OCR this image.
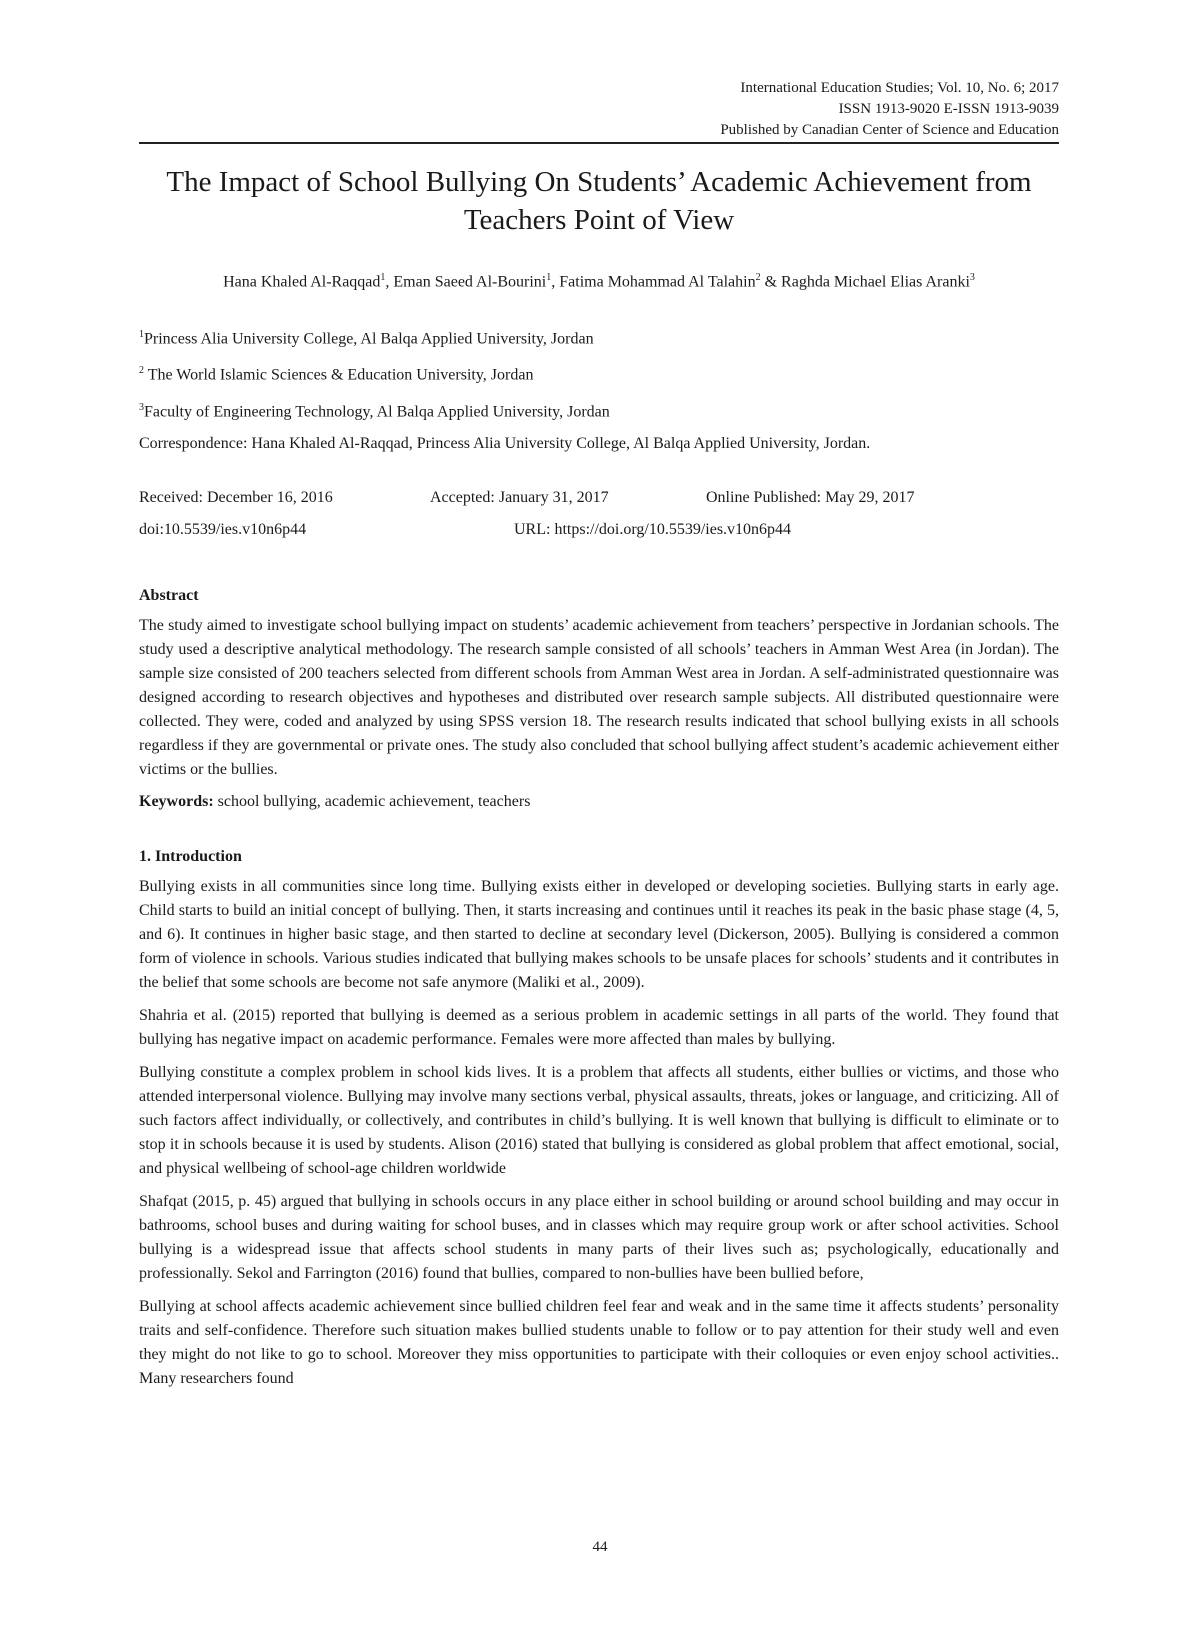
International Education Studies; Vol. 10, No. 6; 2017
ISSN 1913-9020 E-ISSN 1913-9039
Published by Canadian Center of Science and Education
The Impact of School Bullying On Students’ Academic Achievement from Teachers Point of View
Hana Khaled Al-Raqqad$^1$, Eman Saeed Al-Bourini$^1$, Fatima Mohammad Al Talahin$^2$ & Raghda Michael Elias Aranki$^3$

$^1$Princess Alia University College, Al Balqa Applied University, Jordan

$^2$ The World Islamic Sciences & Education University, Jordan

$^3$Faculty of Engineering Technology, Al Balqa Applied University, Jordan

Correspondence: Hana Khaled Al-Raqqad, Princess Alia University College, Al Balqa Applied University, Jordan.

Received: December 16, 2016	Accepted: January 31, 2017	Online Published: May 29, 2017
doi:10.5539/ies.v10n6p44	URL: https://doi.org/10.5539/ies.v10n6p44
Abstract

The study aimed to investigate school bullying impact on students’ academic achievement from teachers’ perspective in Jordanian schools. The study used a descriptive analytical methodology. The research sample consisted of all schools’ teachers in Amman West Area (in Jordan). The sample size consisted of 200 teachers selected from different schools from Amman West area in Jordan. A self-administrated questionnaire was designed according to research objectives and hypotheses and distributed over research sample subjects. All distributed questionnaire were collected. They were, coded and analyzed by using SPSS version 18. The research results indicated that school bullying exists in all schools regardless if they are governmental or private ones. The study also concluded that school bullying affect student’s academic achievement either victims or the bullies.

Keywords: school bullying, academic achievement, teachers

1. Introduction

Bullying exists in all communities since long time. Bullying exists either in developed or developing societies. Bullying starts in early age. Child starts to build an initial concept of bullying. Then, it starts increasing and continues until it reaches its peak in the basic phase stage (4, 5, and 6). It continues in higher basic stage, and then started to decline at secondary level (Dickerson, 2005). Bullying is considered a common form of violence in schools. Various studies indicated that bullying makes schools to be unsafe places for schools’ students and it contributes in the belief that some schools are become not safe anymore (Maliki et al., 2009).

Shahria et al. (2015) reported that bullying is deemed as a serious problem in academic settings in all parts of the world. They found that bullying has negative impact on academic performance. Females were more affected than males by bullying.

Bullying constitute a complex problem in school kids lives. It is a problem that affects all students, either bullies or victims, and those who attended interpersonal violence. Bullying may involve many sections verbal, physical assaults, threats, jokes or language, and criticizing. All of such factors affect individually, or collectively, and contributes in child’s bullying. It is well known that bullying is difficult to eliminate or to stop it in schools because it is used by students. Alison (2016) stated that bullying is considered as global problem that affect emotional, social, and physical wellbeing of school-age children worldwide

Shafqat (2015, p. 45) argued that bullying in schools occurs in any place either in school building or around school building and may occur in bathrooms, school buses and during waiting for school buses, and in classes which may require group work or after school activities. School bullying is a widespread issue that affects school students in many parts of their lives such as; psychologically, educationally and professionally. Sekol and Farrington (2016) found that bullies, compared to non-bullies have been bullied before,

Bullying at school affects academic achievement since bullied children feel fear and weak and in the same time it affects students’ personality traits and self-confidence. Therefore such situation makes bullied students unable to follow or to pay attention for their study well and even they might do not like to go to school. Moreover they miss opportunities to participate with their colloquies or even enjoy school activities.. Many researchers found

44
